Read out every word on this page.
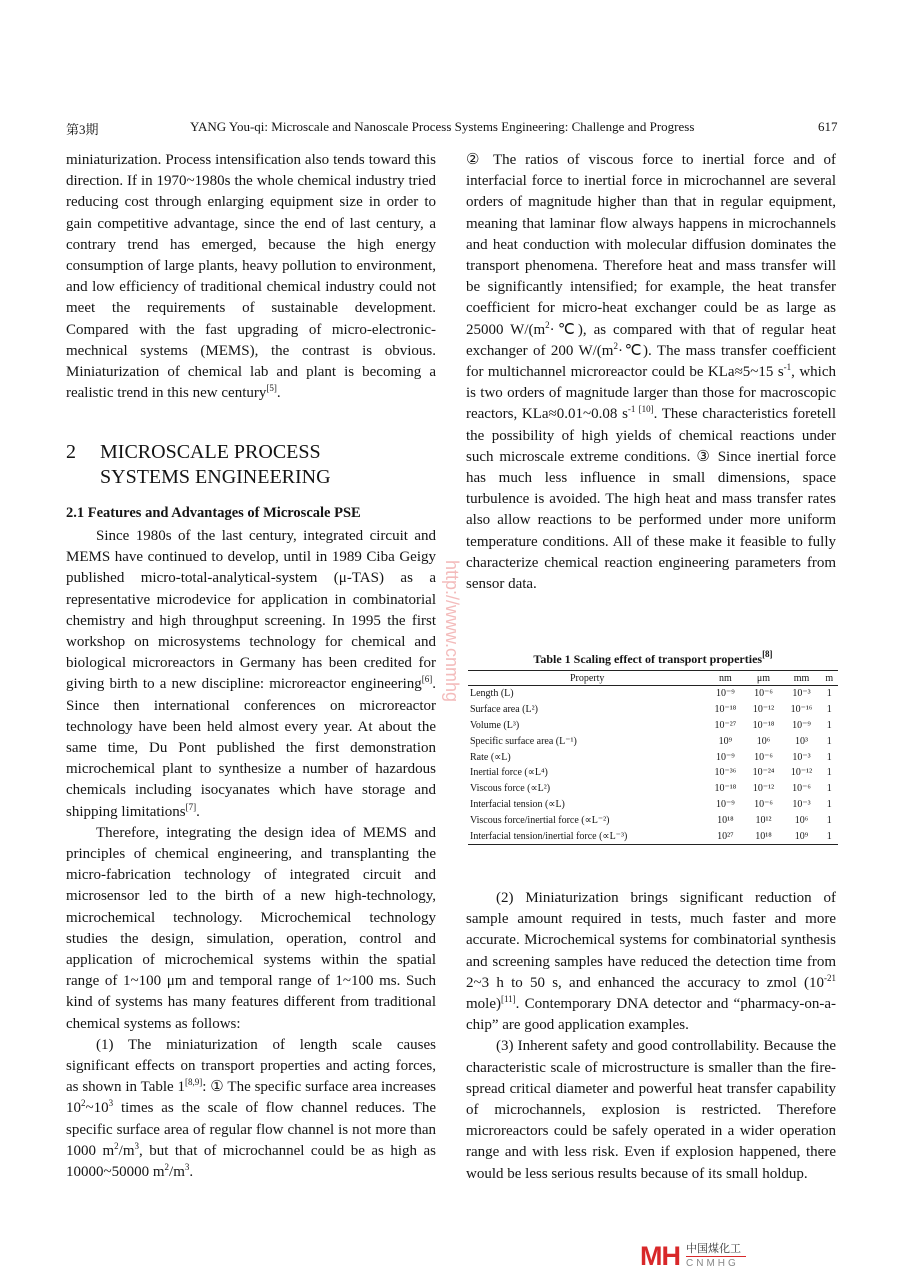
第3期	YANG You-qi: Microscale and Nanoscale Process Systems Engineering: Challenge and Progress	617
miniaturization. Process intensification also tends toward this direction. If in 1970~1980s the whole chemical industry tried reducing cost through enlarging equipment size in order to gain competitive advantage, since the end of last century, a contrary trend has emerged, because the high energy consumption of large plants, heavy pollution to environment, and low efficiency of traditional chemical industry could not meet the requirements of sustainable development. Compared with the fast upgrading of micro-electronic-mechnical systems (MEMS), the contrast is obvious. Miniaturization of chemical lab and plant is becoming a realistic trend in this new century[5].
2 MICROSCALE PROCESS
SYSTEMS ENGINEERING
2.1 Features and Advantages of Microscale PSE

Since 1980s of the last century, integrated circuit and MEMS have continued to develop, until in 1989 Ciba Geigy published micro-total-analytical-system (μ-TAS) as a representative microdevice for application in combinatorial chemistry and high throughput screening. In 1995 the first workshop on microsystems technology for chemical and biological microreactors in Germany has been credited for giving birth to a new discipline: microreactor engineering[6]. Since then international conferences on microreactor technology have been held almost every year. At about the same time, Du Pont published the first demonstration microchemical plant to synthesize a number of hazardous chemicals including isocyanates which have storage and shipping limitations[7].

Therefore, integrating the design idea of MEMS and principles of chemical engineering, and transplanting the micro-fabrication technology of integrated circuit and microsensor led to the birth of a new high-technology, microchemical technology. Microchemical technology studies the design, simulation, operation, control and application of microchemical systems within the spatial range of 1~100 μm and temporal range of 1~100 ms. Such kind of systems has many features different from traditional chemical systems as follows:

(1) The miniaturization of length scale causes significant effects on transport properties and acting forces, as shown in Table 1[8,9]: ① The specific surface area increases $10^2\sim 10^3$ times as the scale of flow channel reduces. The specific surface area of regular flow channel is not more than 1000 $m^2/m^3$, but that of microchannel could be as high as 10000~50000 $m^2/m^3$.

② The ratios of viscous force to inertial force and of interfacial force to inertial force in microchannel are several orders of magnitude higher than that in regular equipment, meaning that laminar flow always happens in microchannels and heat conduction with molecular diffusion dominates the transport phenomena. Therefore heat and mass transfer will be significantly intensified; for example, the heat transfer coefficient for micro-heat exchanger could be as large as 25000 $W/(m^2\cdot℃)$, as compared with that of regular heat exchanger of 200 $W/(m^2\cdot℃)$. The mass transfer coefficient for multichannel microreactor could be KLa≈5~15 $s^{-1}$, which is two orders of magnitude larger than those for macroscopic reactors, KLa≈0.01~0.08 $s^{-1 [10]}$. These characteristics foretell the possibility of high yields of chemical reactions under such microscale extreme conditions. ③ Since inertial force has much less influence in small dimensions, space turbulence is avoided. The high heat and mass transfer rates also allow reactions to be performed under more uniform temperature conditions. All of these make it feasible to fully characterize chemical reaction engineering parameters from sensor data.
Table 1 Scaling effect of transport properties[8]
Property	nm	μm	mm	m
Length (L)	10⁻⁹	10⁻⁶	10⁻³	1
Surface area (L²)	10⁻¹⁸	10⁻¹²	10⁻¹⁶	1
Volume (L³)	10⁻²⁷	10⁻¹⁸	10⁻⁹	1
Specific surface area (L⁻¹)	10⁹	10⁶	10³	1
Rate (∝L)	10⁻⁹	10⁻⁶	10⁻³	1
Inertial force (∝L⁴)	10⁻³⁶	10⁻²⁴	10⁻¹²	1
Viscous force (∝L²)	10⁻¹⁸	10⁻¹²	10⁻⁶	1
Interfacial tension (∝L)	10⁻⁹	10⁻⁶	10⁻³	1
Viscous force/inertial force (∝L⁻²)	10¹⁸	10¹²	10⁶	1
Interfacial tension/inertial force (∝L⁻³)	10²⁷	10¹⁸	10⁹	1

(2) Miniaturization brings significant reduction of sample amount required in tests, much faster and more accurate. Microchemical systems for combinatorial synthesis and screening samples have reduced the detection time from 2~3 h to 50 s, and enhanced the accuracy to zmol ($10^{-21}$ mole)[11]. Contemporary DNA detector and “pharmacy-on-a-chip” are good application examples.

(3) Inherent safety and good controllability. Because the characteristic scale of microstructure is smaller than the fire-spread critical diameter and powerful heat transfer capability of microchannels, explosion is restricted. Therefore microreactors could be safely operated in a wider operation range and with less risk. Even if explosion happened, there would be less serious results because of its small holdup.

http://www.cnmhg
MH 中国煤化工
CNMHG
